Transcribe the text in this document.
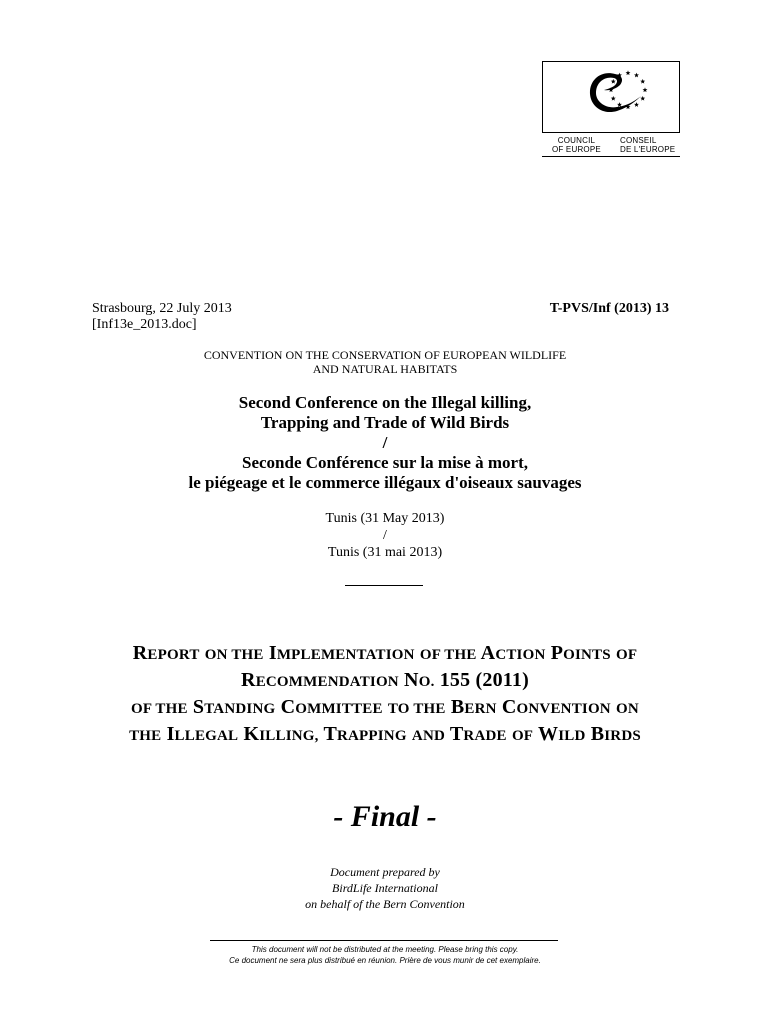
COUNCIL
OF EUROPE
CONSEIL
DE L'EUROPE
Strasbourg, 22 July 2013
[Inf13e_2013.doc]
T-PVS/Inf (2013) 13
CONVENTION ON THE CONSERVATION OF EUROPEAN WILDLIFE
AND NATURAL HABITATS
Second Conference on the Illegal killing,
Trapping and Trade of Wild Birds
/
Seconde Conférence sur la mise à mort,
le piégeage et le commerce illégaux d'oiseaux sauvages
Tunis (31 May 2013)
/
Tunis (31 mai 2013)
REPORT ON THE IMPLEMENTATION OF THE ACTION POINTS OF
RECOMMENDATION NO. 155 (2011)
OF THE STANDING COMMITTEE TO THE BERN CONVENTION ON
THE ILLEGAL KILLING, TRAPPING AND TRADE OF WILD BIRDS
- Final -
Document prepared by
BirdLife International
on behalf of the Bern Convention
This document will not be distributed at the meeting. Please bring this copy.
Ce document ne sera plus distribué en réunion. Prière de vous munir de cet exemplaire.
